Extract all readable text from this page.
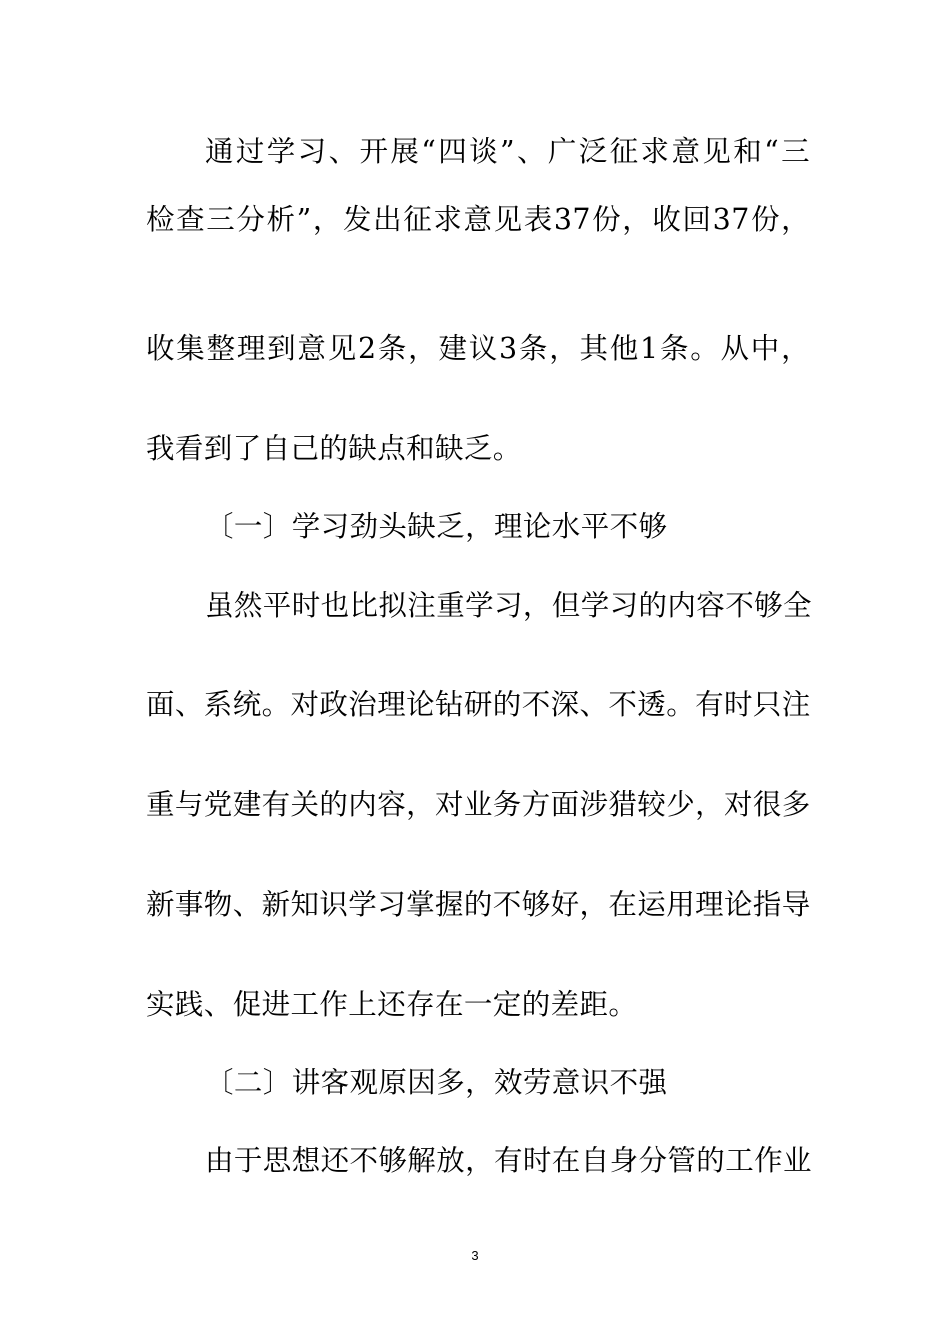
通过学习、开展“四谈”、广泛征求意见和“三
检查三分析”，发出征求意见表37份，收回37份，
收集整理到意见2条，建议3条，其他1条。从中，
我看到了自己的缺点和缺乏。
〔一〕学习劲头缺乏，理论水平不够
虽然平时也比拟注重学习，但学习的内容不够全
面、系统。对政治理论钻研的不深、不透。有时只注
重与党建有关的内容，对业务方面涉猎较少，对很多
新事物、新知识学习掌握的不够好，在运用理论指导
实践、促进工作上还存在一定的差距。
〔二〕讲客观原因多，效劳意识不强
由于思想还不够解放，有时在自身分管的工作业
3
